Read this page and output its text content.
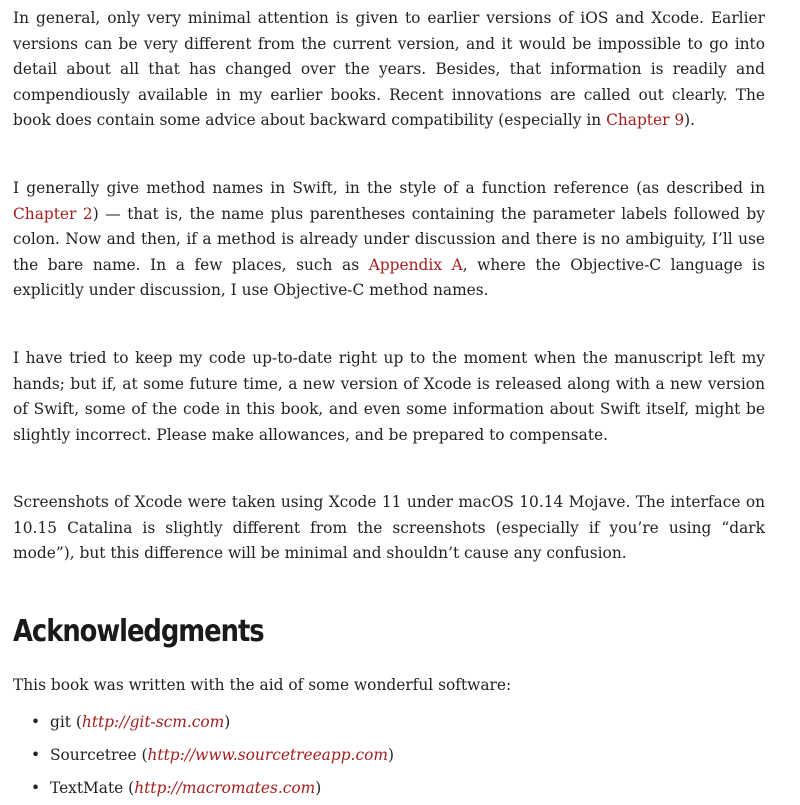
In general, only very minimal attention is given to earlier versions of iOS and Xcode. Earlier versions can be very different from the current version, and it would be impossible to go into detail about all that has changed over the years. Besides, that information is readily and compendiously available in my earlier books. Recent innovations are called out clearly. The book does contain some advice about backward compatibility (especially in Chapter 9).

I generally give method names in Swift, in the style of a function reference (as described in Chapter 2) — that is, the name plus parentheses containing the parameter labels followed by colon. Now and then, if a method is already under discussion and there is no ambiguity, I’ll use the bare name. In a few places, such as Appendix A, where the Objective-C language is explicitly under discussion, I use Objective-C method names.

I have tried to keep my code up-to-date right up to the moment when the manuscript left my hands; but if, at some future time, a new version of Xcode is released along with a new version of Swift, some of the code in this book, and even some information about Swift itself, might be slightly incorrect. Please make allowances, and be prepared to compensate.

Screenshots of Xcode were taken using Xcode 11 under macOS 10.14 Mojave. The interface on 10.15 Catalina is slightly different from the screenshots (especially if you’re using “dark mode”), but this difference will be minimal and shouldn’t cause any confusion.

Acknowledgments

This book was written with the aid of some wonderful software:

• git (http://git-scm.com)
• Sourcetree (http://www.sourcetreeapp.com)
• TextMate (http://macromates.com)
